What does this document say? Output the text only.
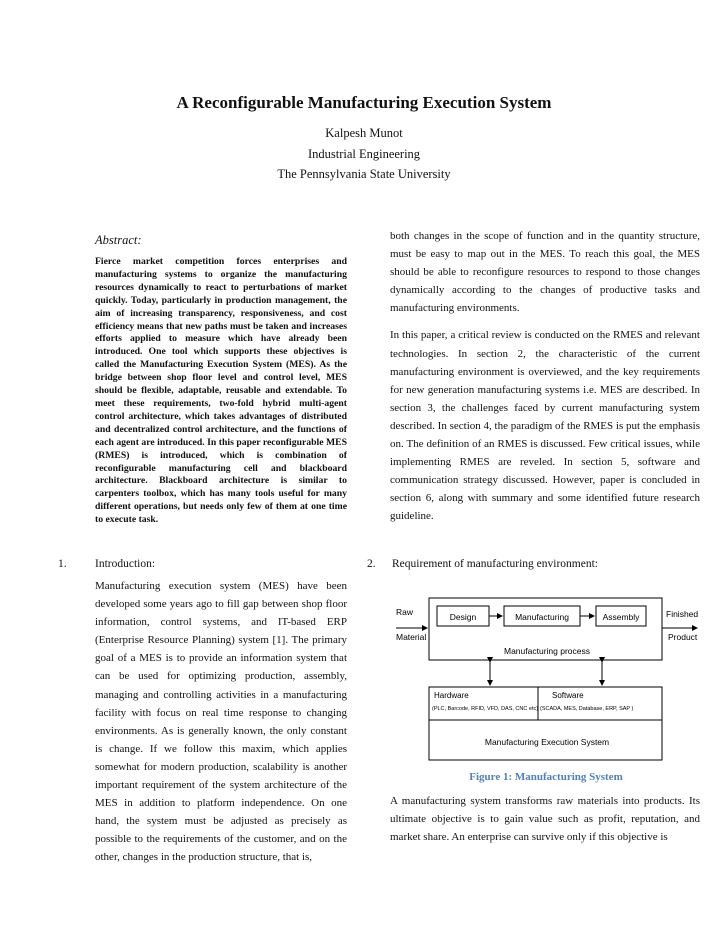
A Reconfigurable Manufacturing Execution System
Kalpesh Munot
Industrial Engineering
The Pennsylvania State University
Abstract:
Fierce market competition forces enterprises and manufacturing systems to organize the manufacturing resources dynamically to react to perturbations of market quickly. Today, particularly in production management, the aim of increasing transparency, responsiveness, and cost efficiency means that new paths must be taken and increases efforts applied to measure which have already been introduced. One tool which supports these objectives is called the Manufacturing Execution System (MES). As the bridge between shop floor level and control level, MES should be flexible, adaptable, reusable and extendable. To meet these requirements, two-fold hybrid multi-agent control architecture, which takes advantages of distributed and decentralized control architecture, and the functions of each agent are introduced. In this paper reconfigurable MES (RMES) is introduced, which is combination of reconfigurable manufacturing cell and blackboard architecture. Blackboard architecture is similar to carpenters toolbox, which has many tools useful for many different operations, but needs only few of them at one time to execute task.
1. Introduction:

Manufacturing execution system (MES) have been developed some years ago to fill gap between shop floor information, control systems, and IT-based ERP (Enterprise Resource Planning) system [1]. The primary goal of a MES is to provide an information system that can be used for optimizing production, assembly, managing and controlling activities in a manufacturing facility with focus on real time response to changing environments. As is generally known, the only constant is change. If we follow this maxim, which applies somewhat for modern production, scalability is another important requirement of the system architecture of the MES in addition to platform independence. On one hand, the system must be adjusted as precisely as possible to the requirements of the customer, and on the other, changes in the production structure, that is,

both changes in the scope of function and in the quantity structure, must be easy to map out in the MES. To reach this goal, the MES should be able to reconfigure resources to respond to those changes dynamically according to the changes of productive tasks and manufacturing environments.

In this paper, a critical review is conducted on the RMES and relevant technologies. In section 2, the characteristic of the current manufacturing environment is overviewed, and the key requirements for new generation manufacturing systems i.e. MES are described. In section 3, the challenges faced by current manufacturing system described. In section 4, the paradigm of the RMES is put the emphasis on. The definition of an RMES is discussed. Few critical issues, while implementing RMES are reveled. In section 5, software and communication strategy discussed. However, paper is concluded in section 6, along with summary and some identified future research guideline.

2. Requirement of manufacturing environment:
Raw
Material
Finished
Product
Design	Manufacturing	Assembly
Manufacturing process
Hardware
(PLC, Barcode, RFID, VFD, DAS, CNC etc)
Software
(SCADA, MES, Database, ERP, SAP )
Manufacturing Execution System
Figure 1: Manufacturing System

A manufacturing system transforms raw materials into products. Its ultimate objective is to gain value such as profit, reputation, and market share. An enterprise can survive only if this objective is
